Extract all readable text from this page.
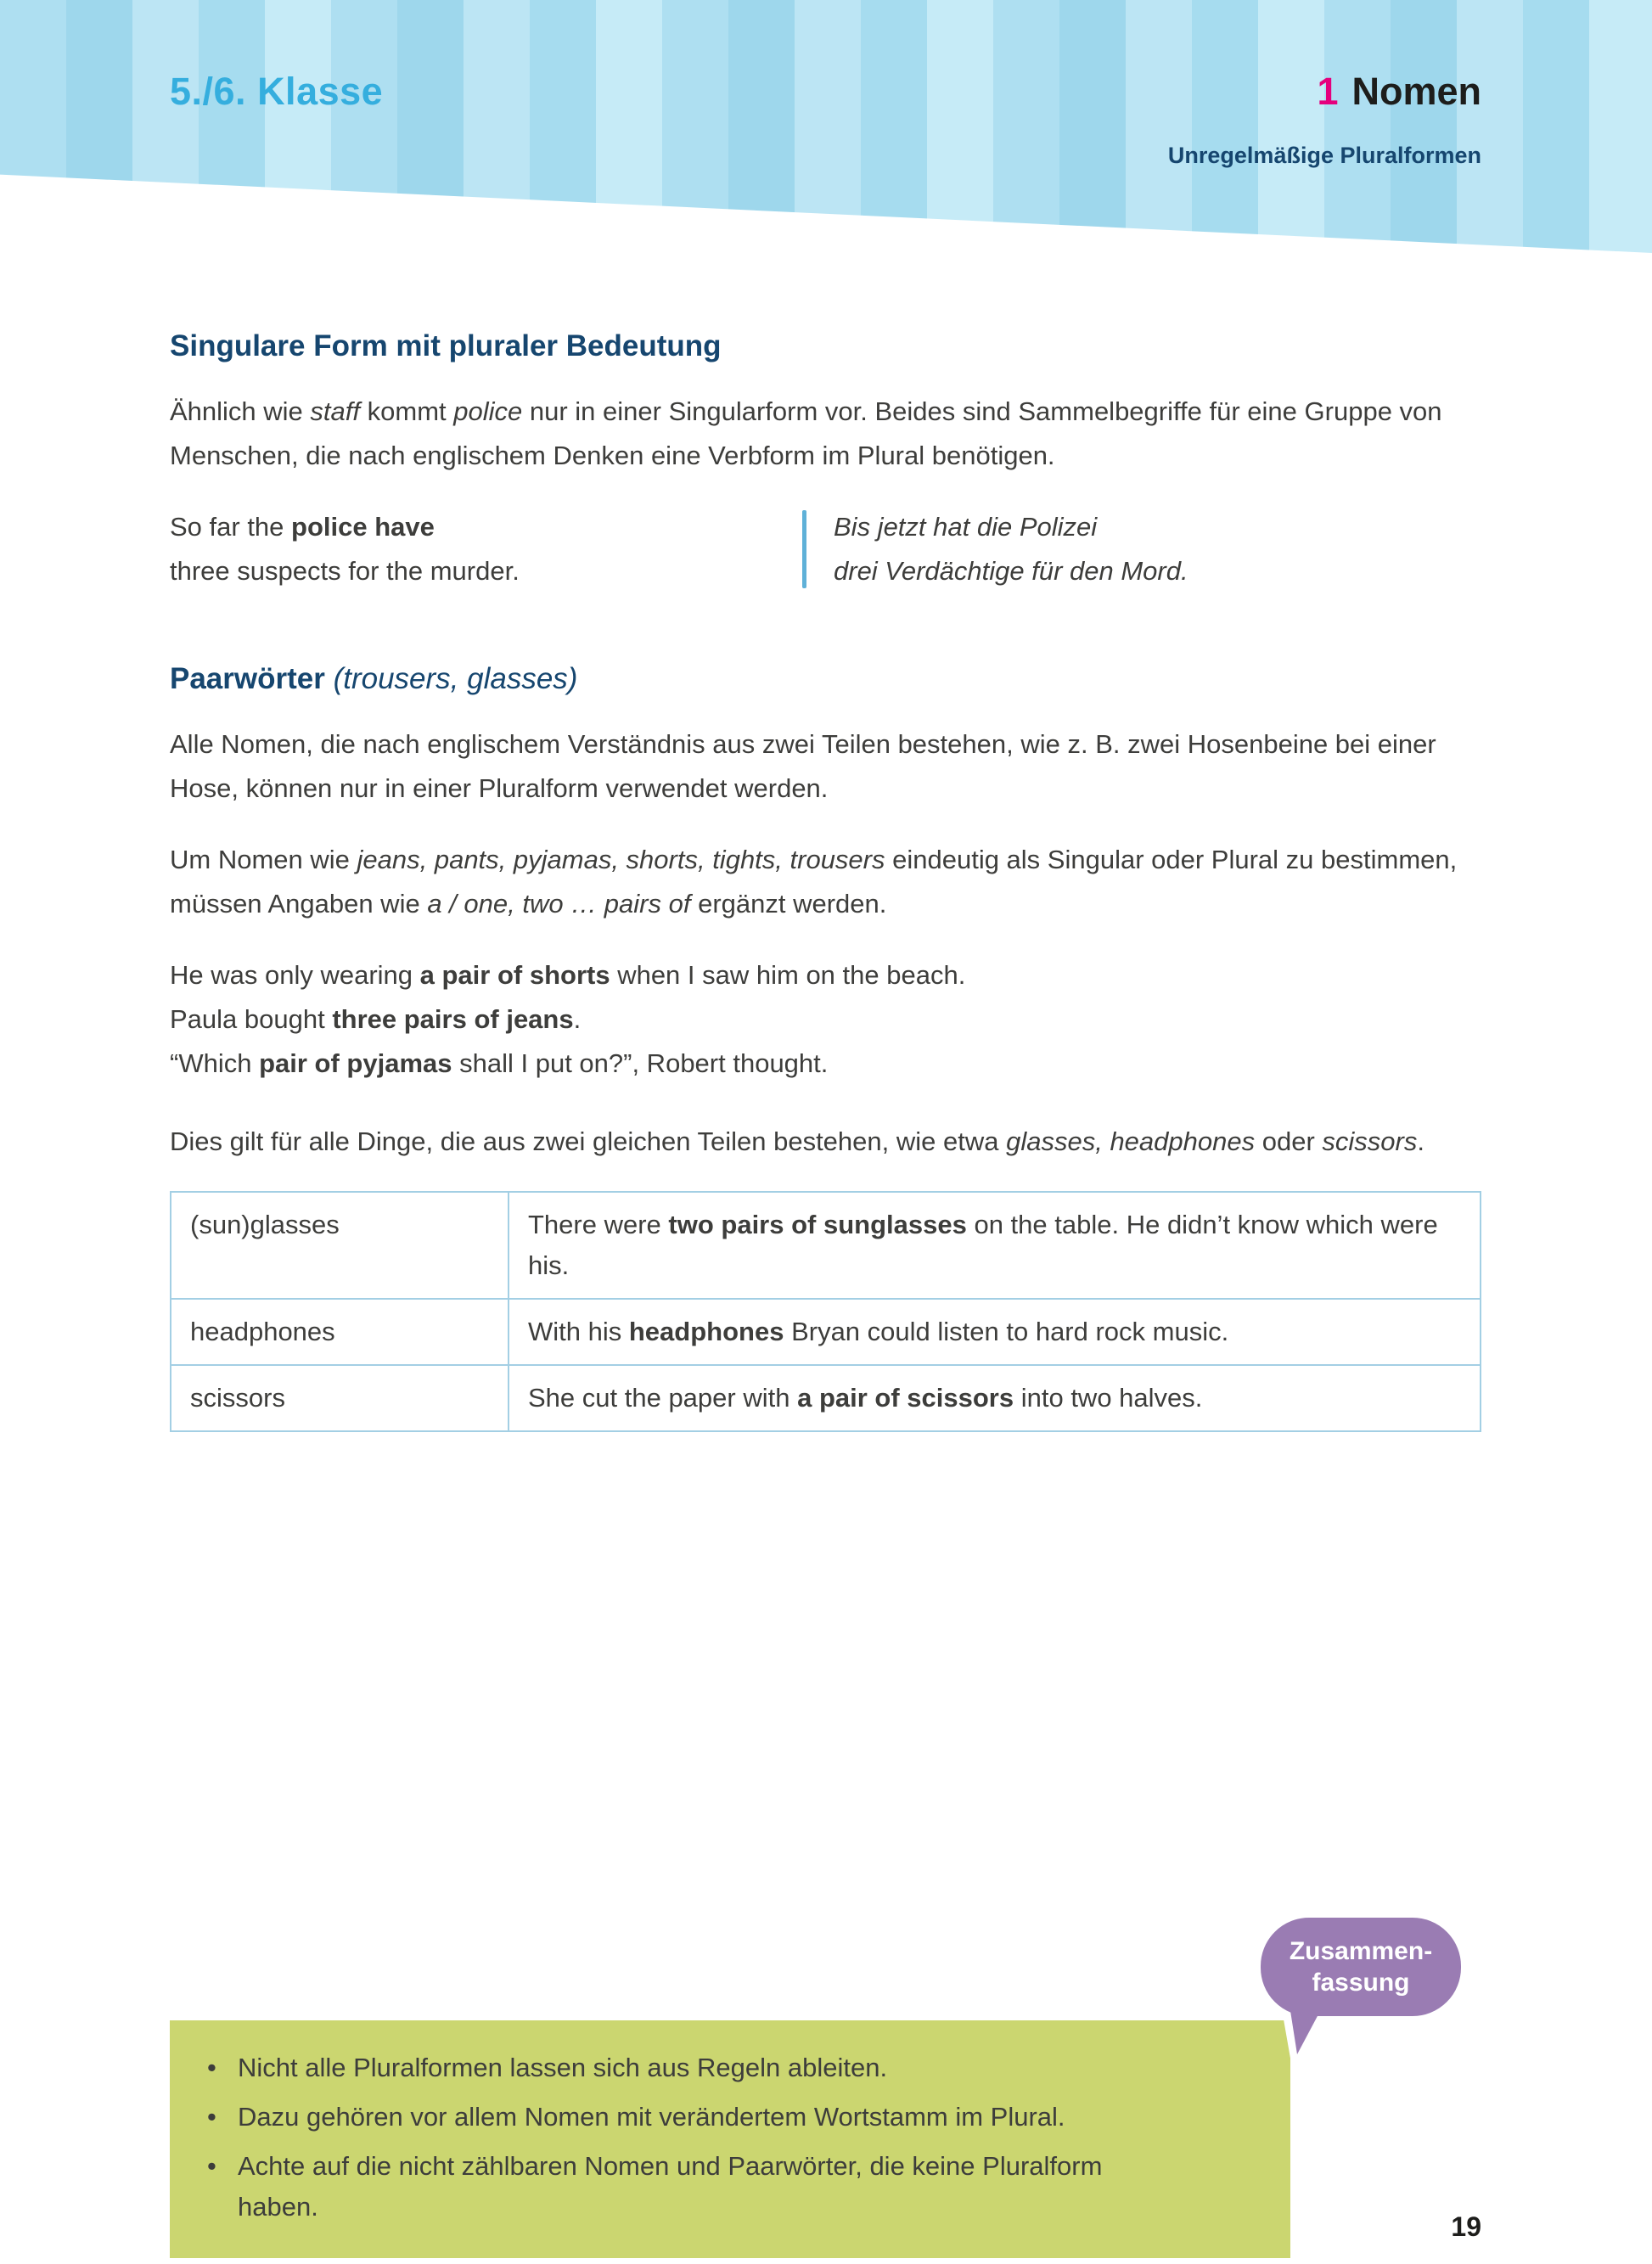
5./6. Klasse	1 Nomen
Unregelmäßige Pluralformen
Singulare Form mit pluraler Bedeutung

Ähnlich wie staff kommt police nur in einer Singularform vor. Beides sind Sammelbegriffe für eine Gruppe von Menschen, die nach englischem Denken eine Verbform im Plural benötigen.

So far the police have
three suspects for the murder.
Bis jetzt hat die Polizei
drei Verdächtige für den Mord.
Paarwörter (trousers, glasses)

Alle Nomen, die nach englischem Verständnis aus zwei Teilen bestehen, wie z. B. zwei Hosenbeine bei einer Hose, können nur in einer Pluralform verwendet werden.

Um Nomen wie jeans, pants, pyjamas, shorts, tights, trousers eindeutig als Singular oder Plural zu bestimmen, müssen Angaben wie a / one, two … pairs of ergänzt werden.

He was only wearing a pair of shorts when I saw him on the beach.
Paula bought three pairs of jeans.
“Which pair of pyjamas shall I put on?”, Robert thought.

Dies gilt für alle Dinge, die aus zwei gleichen Teilen bestehen, wie etwa glasses, headphones oder scissors.

(sun)glasses	There were two pairs of sunglasses on the table. He didn’t know which were his.
headphones	With his headphones Bryan could listen to hard rock music.
scissors	She cut the paper with a pair of scissors into two halves.
Zusammen-
fassung
• Nicht alle Pluralformen lassen sich aus Regeln ableiten.
• Dazu gehören vor allem Nomen mit verändertem Wortstamm im Plural.
• Achte auf die nicht zählbaren Nomen und Paarwörter, die keine Pluralform haben.
19
